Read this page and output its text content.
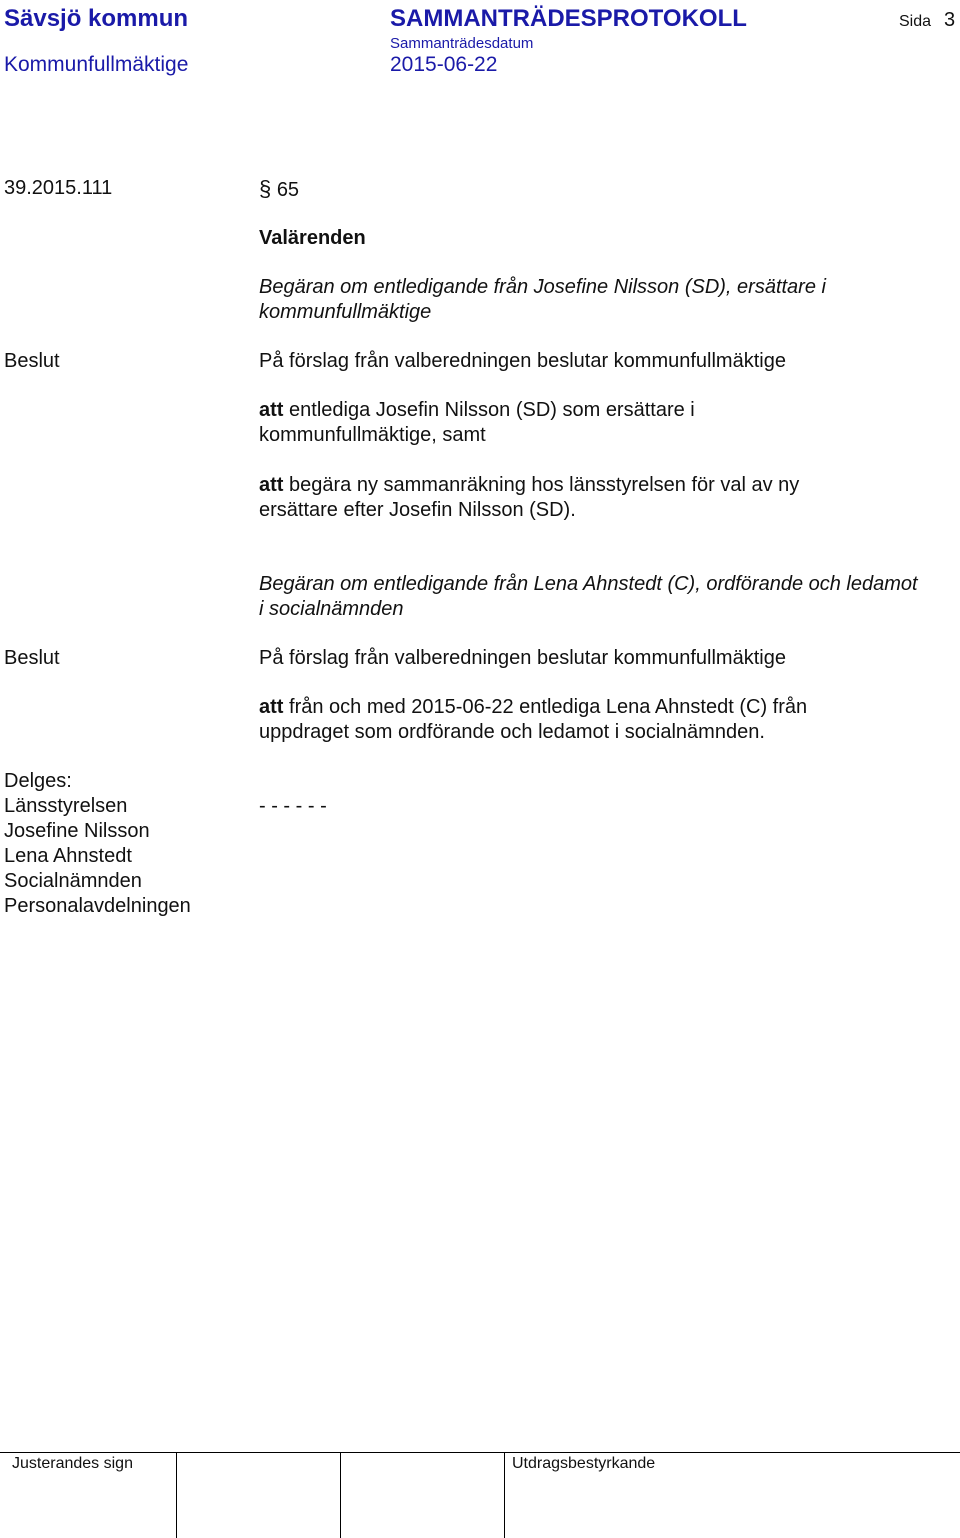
Sävsjö kommun	SAMMANTRÄDESPROTOKOLL	Sida 3
Kommunfullmäktige
Sammanträdesdatum
2015-06-22
39.2015.111	§ 65
Valärenden
Begäran om entledigande från Josefine Nilsson (SD), ersättare i kommunfullmäktige
Beslut	På förslag från valberedningen beslutar kommunfullmäktige
att entlediga Josefin Nilsson (SD) som ersättare i kommunfullmäktige, samt
att begära ny sammanräkning hos länsstyrelsen för val av ny ersättare efter Josefin Nilsson (SD).
Begäran om entledigande från Lena Ahnstedt (C), ordförande och ledamot i socialnämnden
Beslut	På förslag från valberedningen beslutar kommunfullmäktige
att från och med 2015-06-22 entlediga Lena Ahnstedt (C) från uppdraget som ordförande och ledamot i socialnämnden.
Delges:
Länsstyrelsen
Josefine Nilsson
Lena Ahnstedt
Socialnämnden
Personalavdelningen
- - - - - -
Justerandes sign	Utdragsbestyrkande
